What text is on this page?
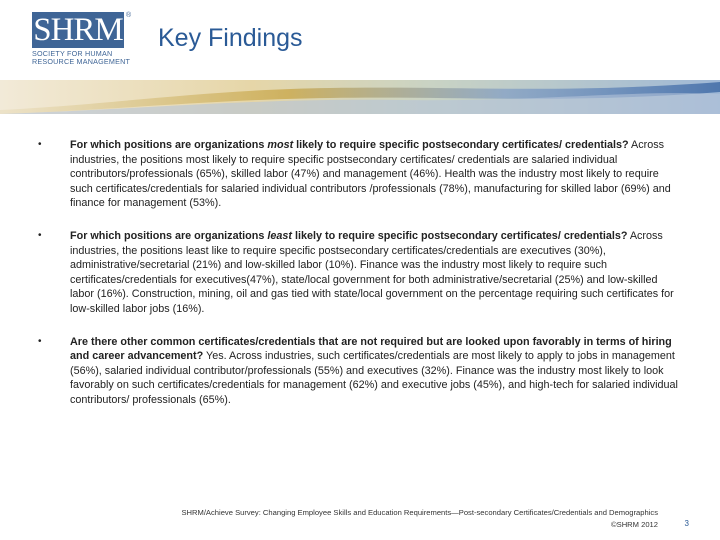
SHRM ®
SOCIETY FOR HUMAN
RESOURCE MANAGEMENT
Key Findings
•	For which positions are organizations most likely to require specific postsecondary certificates/ credentials? Across industries, the positions most likely to require specific postsecondary certificates/ credentials are salaried individual contributors/professionals (65%), skilled labor (47%) and management (46%). Health was the industry most likely to require such certificates/credentials for salaried individual contributors /professionals (78%), manufacturing for skilled labor (69%) and finance for management (53%).
•	For which positions are organizations least likely to require specific postsecondary certificates/ credentials? Across industries, the positions least like to require specific postsecondary certificates/credentials are executives (30%), administrative/secretarial (21%) and low-skilled labor (10%). Finance was the industry most likely to require such certificates/credentials for executives(47%), state/local government for both administrative/secretarial (25%) and low-skilled labor (16%). Construction, mining, oil and gas tied with state/local government on the percentage requiring such certificates for low-skilled labor jobs (16%).
•	Are there other common certificates/credentials that are not required but are looked upon favorably in terms of hiring and career advancement? Yes. Across industries, such certificates/credentials are most likely to apply to jobs in management (56%), salaried individual contributor/professionals (55%) and executives (32%). Finance was the industry most likely to look favorably on such certificates/credentials for management (62%) and executive jobs (45%), and high-tech for salaried individual contributors/ professionals (65%).
SHRM/Achieve Survey: Changing Employee Skills and Education Requirements—Post-secondary Certificates/Credentials and Demographics
©SHRM 2012	3
